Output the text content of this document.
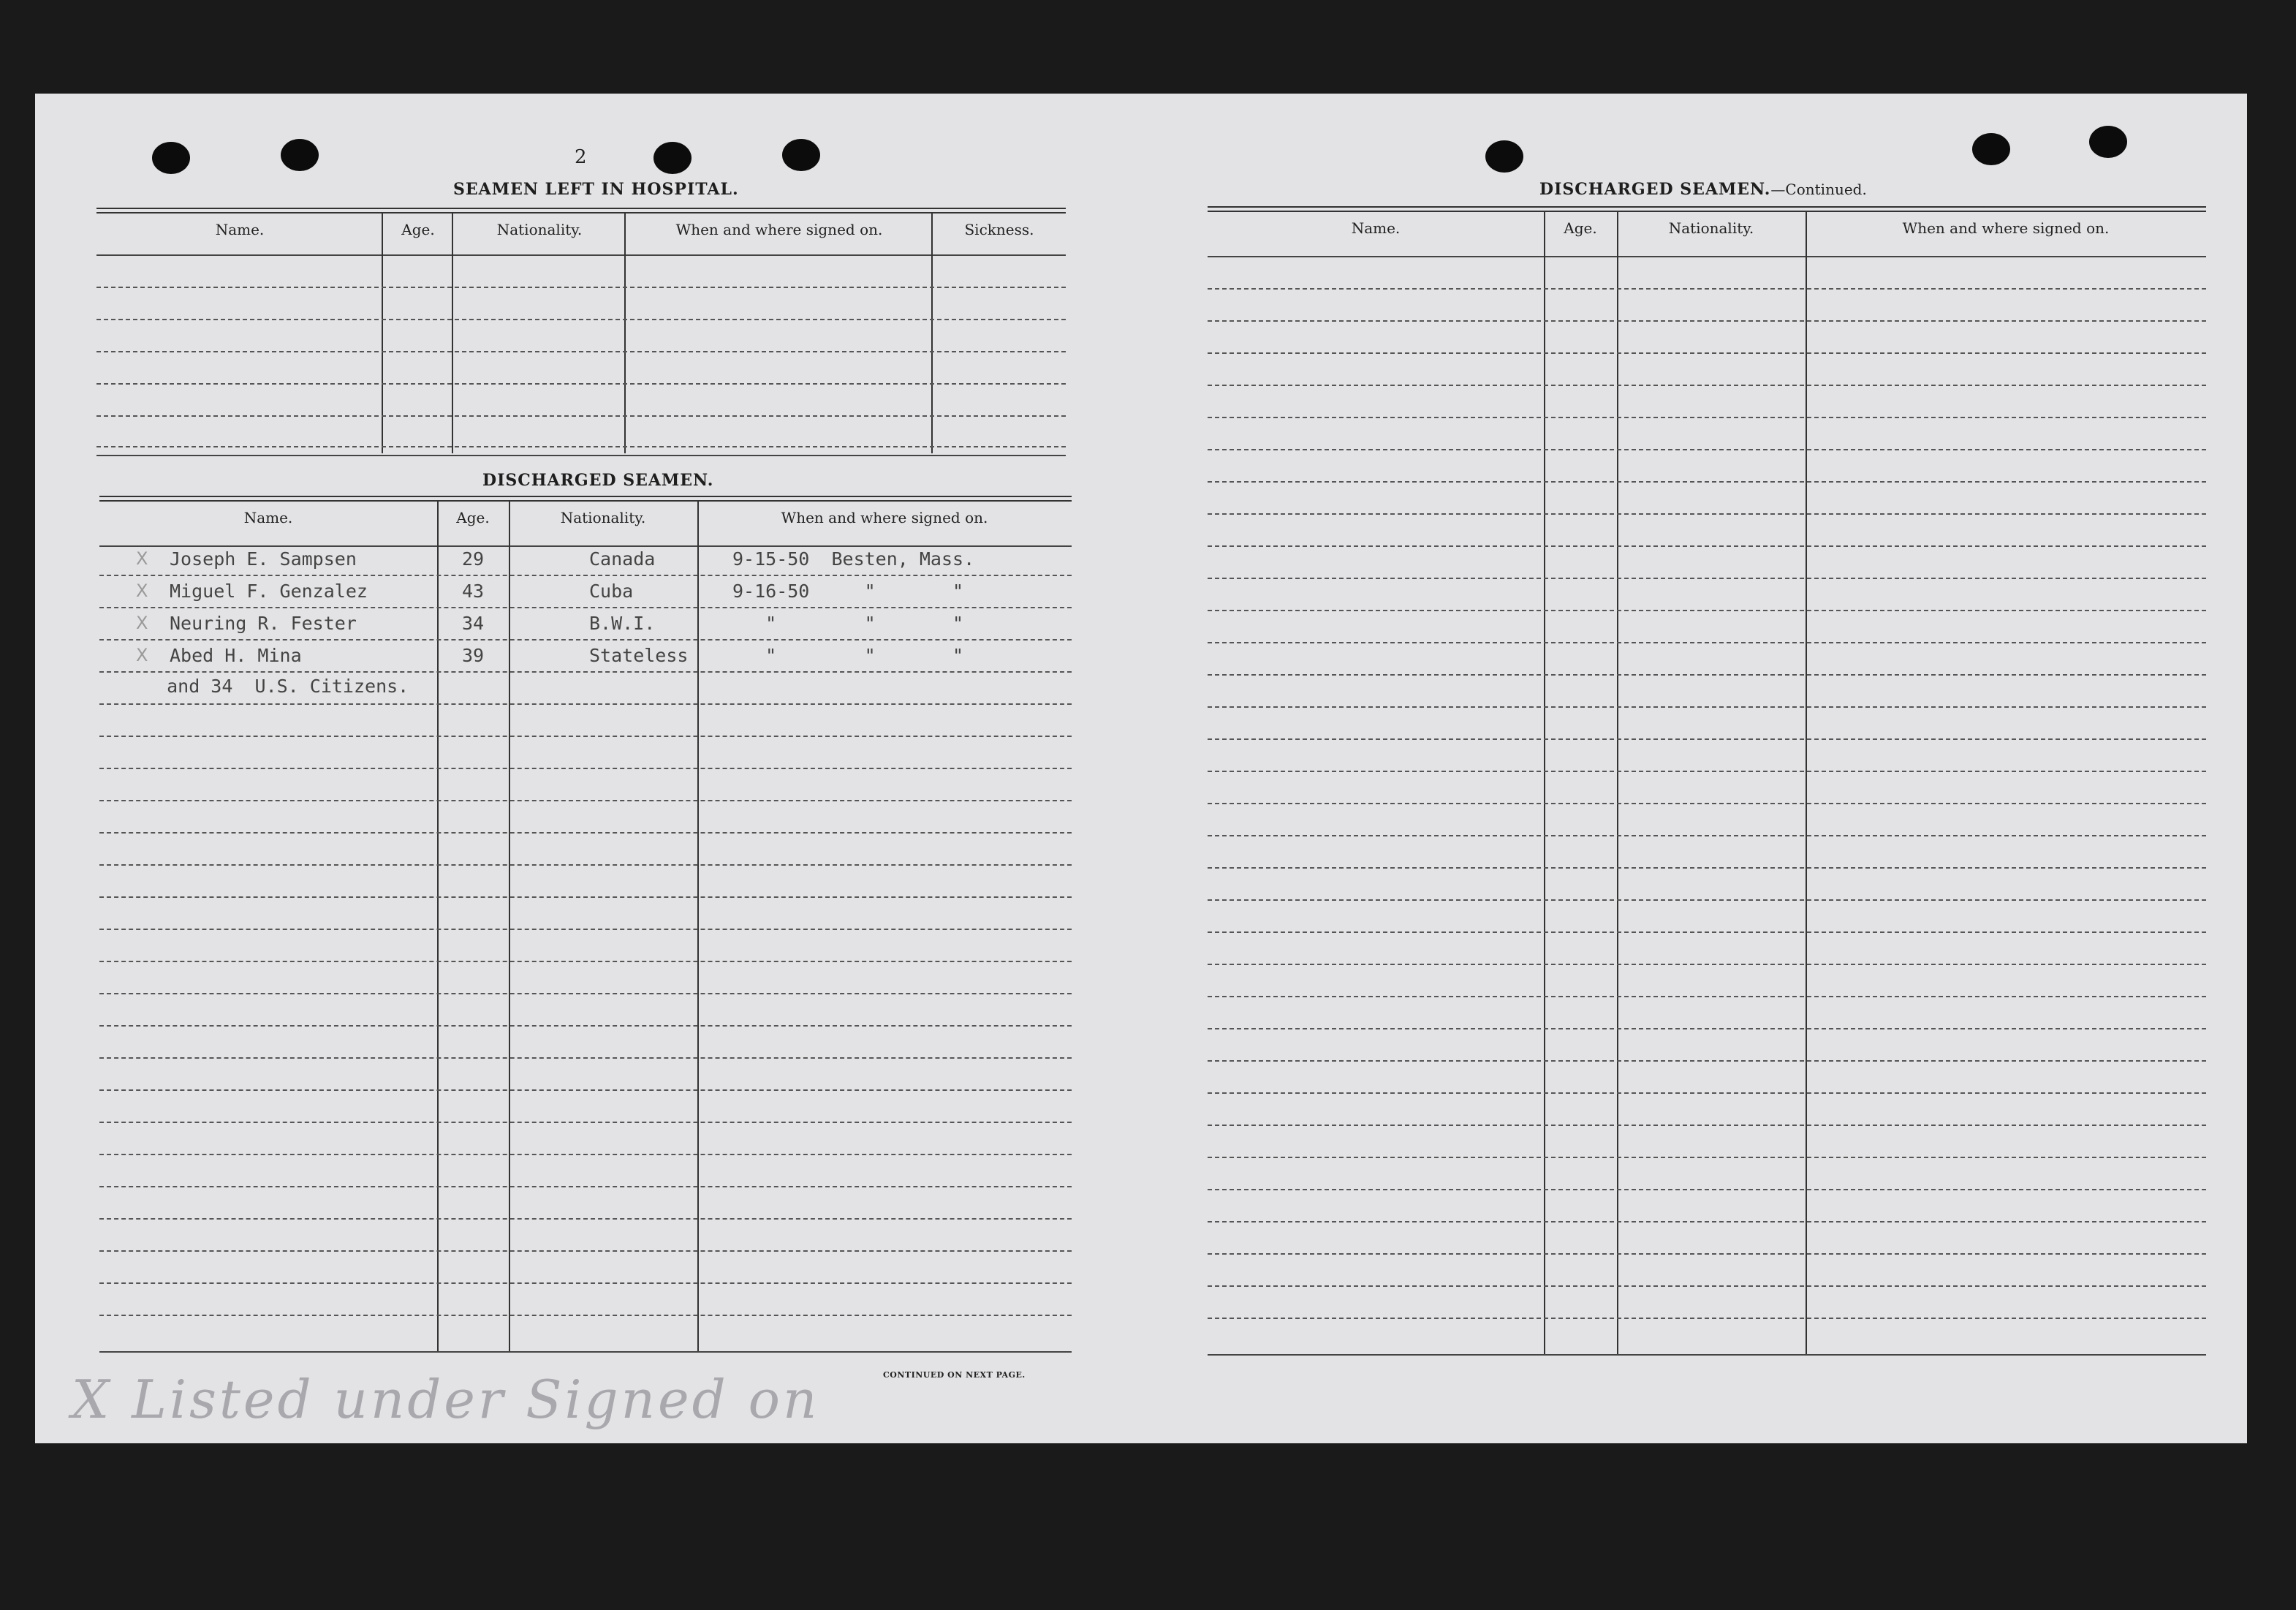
2
SEAMEN LEFT IN HOSPITAL.
Name.	Age.	Nationality.	When and where signed on.	Sickness.
DISCHARGED SEAMEN.
Name.	Age.	Nationality.	When and where signed on.
X Joseph E. Sampsen	29	Canada	9-15-50  Besten, Mass.
X Miguel F. Genzalez	43	Cuba	9-16-50     "       "
X Neuring R. Fester	34	B.W.I.	"        "       "
X Abed H. Mina	39	Stateless "        "       "
and 34  U.S. Citizens.
CONTINUED ON NEXT PAGE.
X Listed under Signed on
DISCHARGED SEAMEN.—Continued.
Name.	Age.	Nationality.	When and where signed on.
